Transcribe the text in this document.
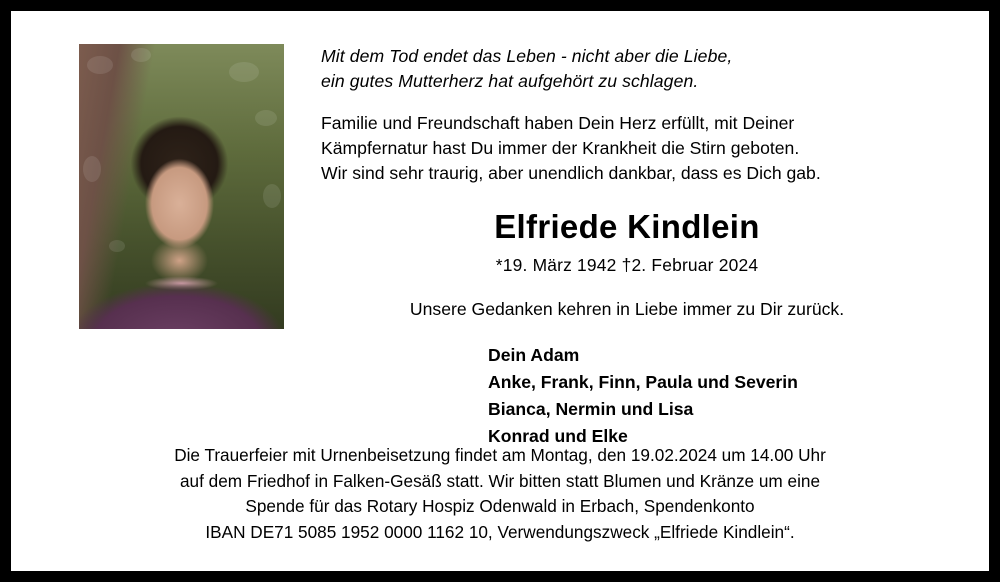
Mit dem Tod endet das Leben - nicht aber die Liebe,
ein gutes Mutterherz hat aufgehört zu schlagen.
Familie und Freundschaft haben Dein Herz erfüllt, mit Deiner
Kämpfernatur hast Du immer der Krankheit die Stirn geboten.
Wir sind sehr traurig, aber unendlich dankbar, dass es Dich gab.
Elfriede Kindlein
*19. März 1942 †2. Februar 2024
Unsere Gedanken kehren in Liebe immer zu Dir zurück.
Dein Adam
Anke, Frank, Finn, Paula und Severin
Bianca, Nermin und Lisa
Konrad und Elke
Die Trauerfeier mit Urnenbeisetzung findet am Montag, den 19.02.2024 um 14.00 Uhr
auf dem Friedhof in Falken-Gesäß statt. Wir bitten statt Blumen und Kränze um eine
Spende für das Rotary Hospiz Odenwald in Erbach, Spendenkonto
IBAN DE71 5085 1952 0000 1162 10, Verwendungszweck „Elfriede Kindlein“.
